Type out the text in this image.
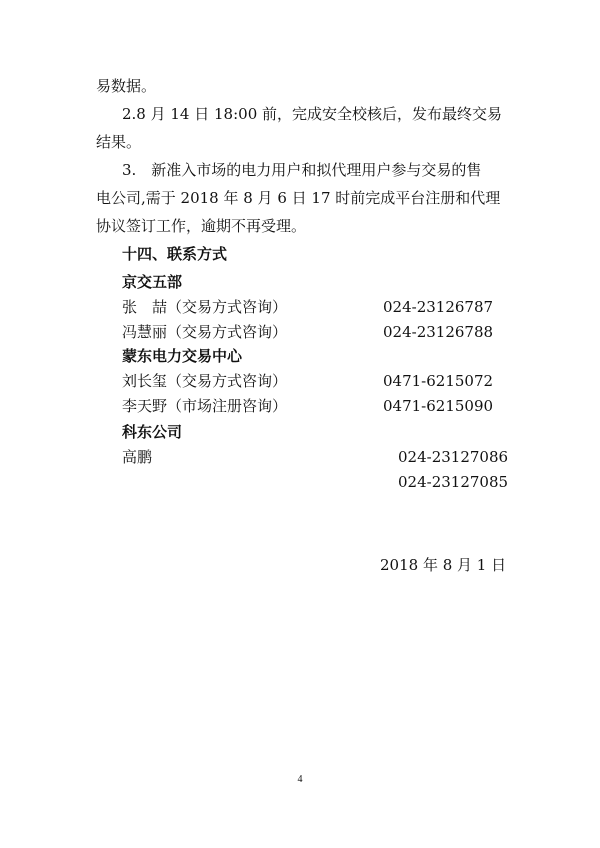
易数据。
2.8 月 14 日 18:00 前，完成安全校核后，发布最终交易
结果。
3.　新准入市场的电力用户和拟代理用户参与交易的售
电公司,需于 2018 年 8 月 6 日 17 时前完成平台注册和代理
协议签订工作，逾期不再受理。
十四、联系方式
京交五部
张　喆（交易方式咨询）	024-23126787
冯慧丽（交易方式咨询）	024-23126788
蒙东电力交易中心
刘长玺（交易方式咨询）	0471-6215072
李天野（市场注册咨询）	0471-6215090
科东公司
高鹏	024-23127086
024-23127085
2018 年 8 月 1 日
4
